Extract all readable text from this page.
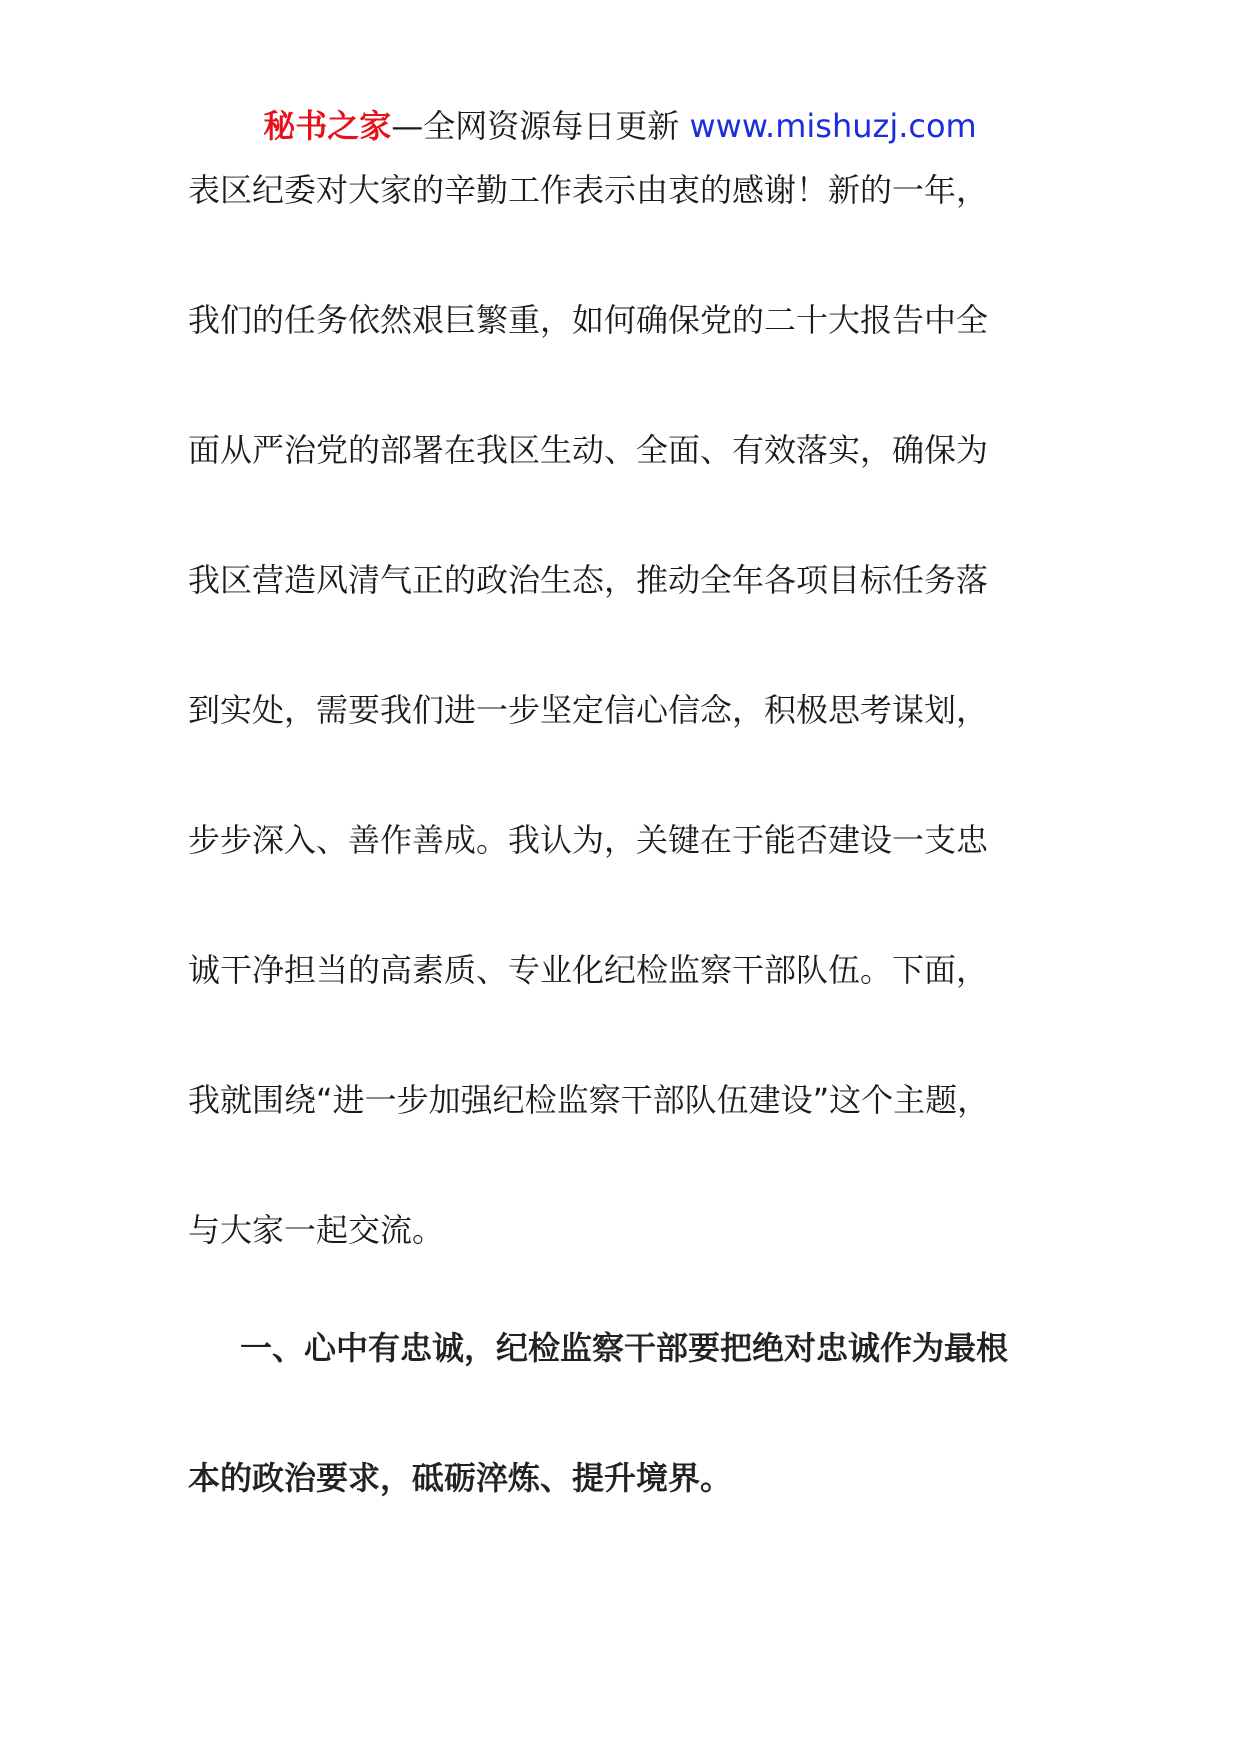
秘书之家—全网资源每日更新 www.mishuzj.com
表区纪委对大家的辛勤工作表示由衷的感谢！新的一年，
我们的任务依然艰巨繁重，如何确保党的二十大报告中全
面从严治党的部署在我区生动、全面、有效落实，确保为
我区营造风清气正的政治生态，推动全年各项目标任务落
到实处，需要我们进一步坚定信心信念，积极思考谋划，
步步深入、善作善成。我认为，关键在于能否建设一支忠
诚干净担当的高素质、专业化纪检监察干部队伍。下面，
我就围绕“进一步加强纪检监察干部队伍建设”这个主题，
与大家一起交流。
一、心中有忠诚，纪检监察干部要把绝对忠诚作为最根
本的政治要求，砥砺淬炼、提升境界。
